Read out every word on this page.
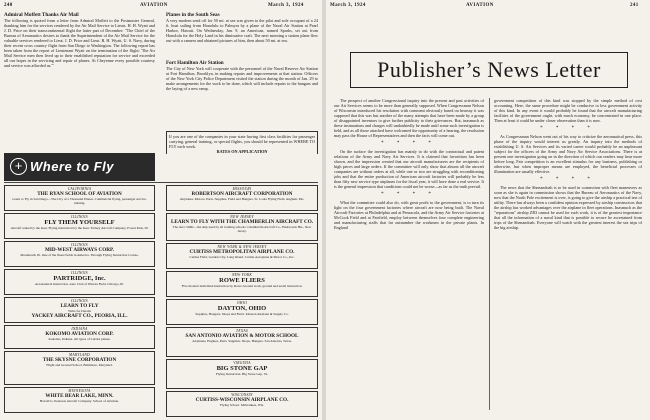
240	AVIATION	March 3, 1924
Admiral Moffett Thanks Air Mail
The following is quoted from a letter from Admiral Moffett to the Postmaster General, thanking him for the services rendered by the Air Mail Service to Lieuts. H. H. Wyatt and J. D. Price on their transcontinental flight the latter part of December: "The Chief of the Bureau of Aeronautics desires to thank the Superintendent of the Air Mail Service for the valuable services rendered to Lieut. J. D. Price and Lieut. B. H. Wyatt, U. S. Navy, during their recent cross country flight from San Diego to Washington. The following report has been taken from the report of Lieutenant Wyatt on the termination of the flight: 'The Air Mail Service men then lived up to their established reputation for service and exceeded all our hopes in the servicing and repair of planes. At Cheyenne every possible courtesy and service was afforded us.'"
Planes in the South Seas
A very modern send off for 50 mi. at sea was given to the pilot and sole occupant of a 24 ft. boat sailing from Honolulu to Palmyra by a plane of the Naval Air Station at Pearl Harbor, Hawaii. On Wednesday, Jan. 9, an American, named Sparks, set out from Honolulu for the Holy Land in his diminutive craft. The next morning a station plane flew out with a camera and obtained pictures of him, then about 50 mi. at sea.
Fort Hamilton Air Station
The City of New York will cooperate with the personnel of the Naval Reserve Air Station at Fort Hamilton, Brooklyn, in making repairs and improvements at that station. Officers of the New York City Police Department visited the station during the month of Jan. 29 to make arrangements for the work to be done, which will include repairs to the hangars and the laying of a new ramp.
If you are one of the companies in your state having first class facilities for passenger carrying, general training, or special flights, you should be represented in WHERE TO FLY each week.
RATES ON APPLICATION
+ Where to Fly
CALIFORNIA
THE RYAN SCHOOL OF AVIATION
Learn to Fly in San Diego—The City of a Thousand Planes. Commercial flying, passenger service, training.
ILLINOIS
FLY THEM YOURSELF
Aircraft rented by the hour. Flying instruction by the hour. Yackey Aircraft Company, Forest Park, Ill.
ILLINOIS
MID-WEST AIRWAYS CORP.
Monmouth, Ill. One of the finest fields in America. Through Flying Instruction Course.
ILLINOIS
PARTRIDGE, Inc.
Aeronautical Instruction. Aero Club of Illinois Field, Chicago, Ill.
ILLINOIS
LEARN TO FLY
Write for Details
YACKEY AIRCRAFT CO., PEORIA, ILL.
INDIANA
KOKOMO AVIATION CORP.
Kokomo, Indiana. All types of Curtiss planes.
MARYLAND
THE SKYSNE CORPORATION
Flight and Ground School. Baltimore, Maryland.
MINNESOTA
WHITE BEAR LAKE, MINN.
Harold G. Peterson Aircraft Company. School of Aviation.
MISSOURI
ROBERTSON AIRCRAFT CORPORATION
Airplanes, Motors, Parts, Supplies, Field and Hangars. St. Louis Flying Field, Anglum, Mo.
NEW JERSEY
LEARN TO FLY WITH THE CHAMBERLIN AIRCRAFT CO.
The Avro 504K—the ship used by all training schools. Chamberlin Aircraft Co., Hasbrouck Hts., New Jersey.
NEW YORK & NEW JERSEY
CURTISS METROPOLITAN AIRPLANE CO.
Curtiss Field, Garden City, Long Island. Curtiss Aeroplane & Motor Co., Inc.
NEW YORK
ROWE FLIERS
Five modern individual instruction by Rowe Ground work, ground and aerial instruction.
OHIO
DAYTON, OHIO
Supplies, Hangars, Shops and Field. Johnson Airplane & Supply Co.
TEXAS
SAN ANTONIO AVIATION & MOTOR SCHOOL
Airplanes, Engines, Parts, Supplies, Shops, Hangars. San Antonio, Texas.
VIRGINIA
BIG STONE GAP
Flying Instruction. Big Stone Gap, Va.
WISCONSIN
CURTISS-WISCONSIN AIRPLANE CO.
Flying School. Milwaukee, Wis.
March 3, 1924	AVIATION	241
Publisher’s News Letter
The prospect of another Congressional inquiry into the present and past activities of our Air Services seems to be more than generally supposed. When Congressman Nelson of Wisconsin introduced his resolution with comment obviously based on hearsay it was supposed that this was but another of the many attempts that have been made by a group of disappointed inventors to give further publicity to their grievances. But, inasmuch as these insinuations and charges will undoubtedly be made until some such investigation is held, and as all those attacked have welcomed the opportunity of a hearing, the resolution may pass the House of Representatives and then the facts will come out.
* * * *
On the surface the investigation has mainly to do with the contractual and patent relations of the Army and Navy Air Services. It is claimed that favoritism has been shown, and the impression created that our aircraft manufacturers are the recipients of high prices and large orders. If the committee will only show that almost all the aircraft companies are without orders at all, while one or two are struggling with reconditioning jobs and that the entire production of American aircraft factories will probably be less than fifty new service type airplanes for the fiscal year, it will have done a real service. It is the general impression that conditions could not be worse—as far as the truth prevail.
* * * *
What the committee could also do, with great profit to the government, is to turn its light on the four government factories where aircraft are now being built. The Naval Aircraft Factories at Philadelphia and at Pensacola, and the Army Air Service factories at McCook Field and at Fairfield, employ between themselves four complete engineering and manufacturing staffs that far outnumber the workmen in the private plants. In England
government competition of this kind was stopped by the simple method of cost accounting. Here, the same procedure might be conducive to less government activity of this kind. In any event it would probably be found that the aircraft manufacturing facilities of the government ought, with much economy, be concentrated in one place. Then at least it could be under closer observation than it is now.
* * * *
As Congressman Nelson went out of his way to criticize the aeronautical press, this phase of the inquiry would interest us greatly. An inquiry into the methods of establishing U. S. Air Services and its varied career would probably be an unpleasant subject for the officers of the Army and Navy Air Service Associations. There is at present one investigation going on in the direction of which our readers may hear more before long. Fair competition is an excellent stimulus for any business, publishing or otherwise, but when improper means are employed, the beneficial processes of illumination are usually effective.
* * * *
The news that the Shenandoah is to be used in connection with fleet maneuvers as soon as she is again in commission shows that the Bureau of Aeronautics of the Navy, now that the North Pole excitement is over, is going to give the airship a practical test of utility. There has always been a confident opinion expressed by airship constructors that the airship has worked advantages over the airplane in fleet operations. Inasmuch as the "reparations" airship ZR3 cannot be used for such work, it is of the greatest importance that all the information of a naval kind that is possible to secure be ascertained from trips of the Shenandoah. Everyone will watch with the greatest interest the sea trips of the big airship.
